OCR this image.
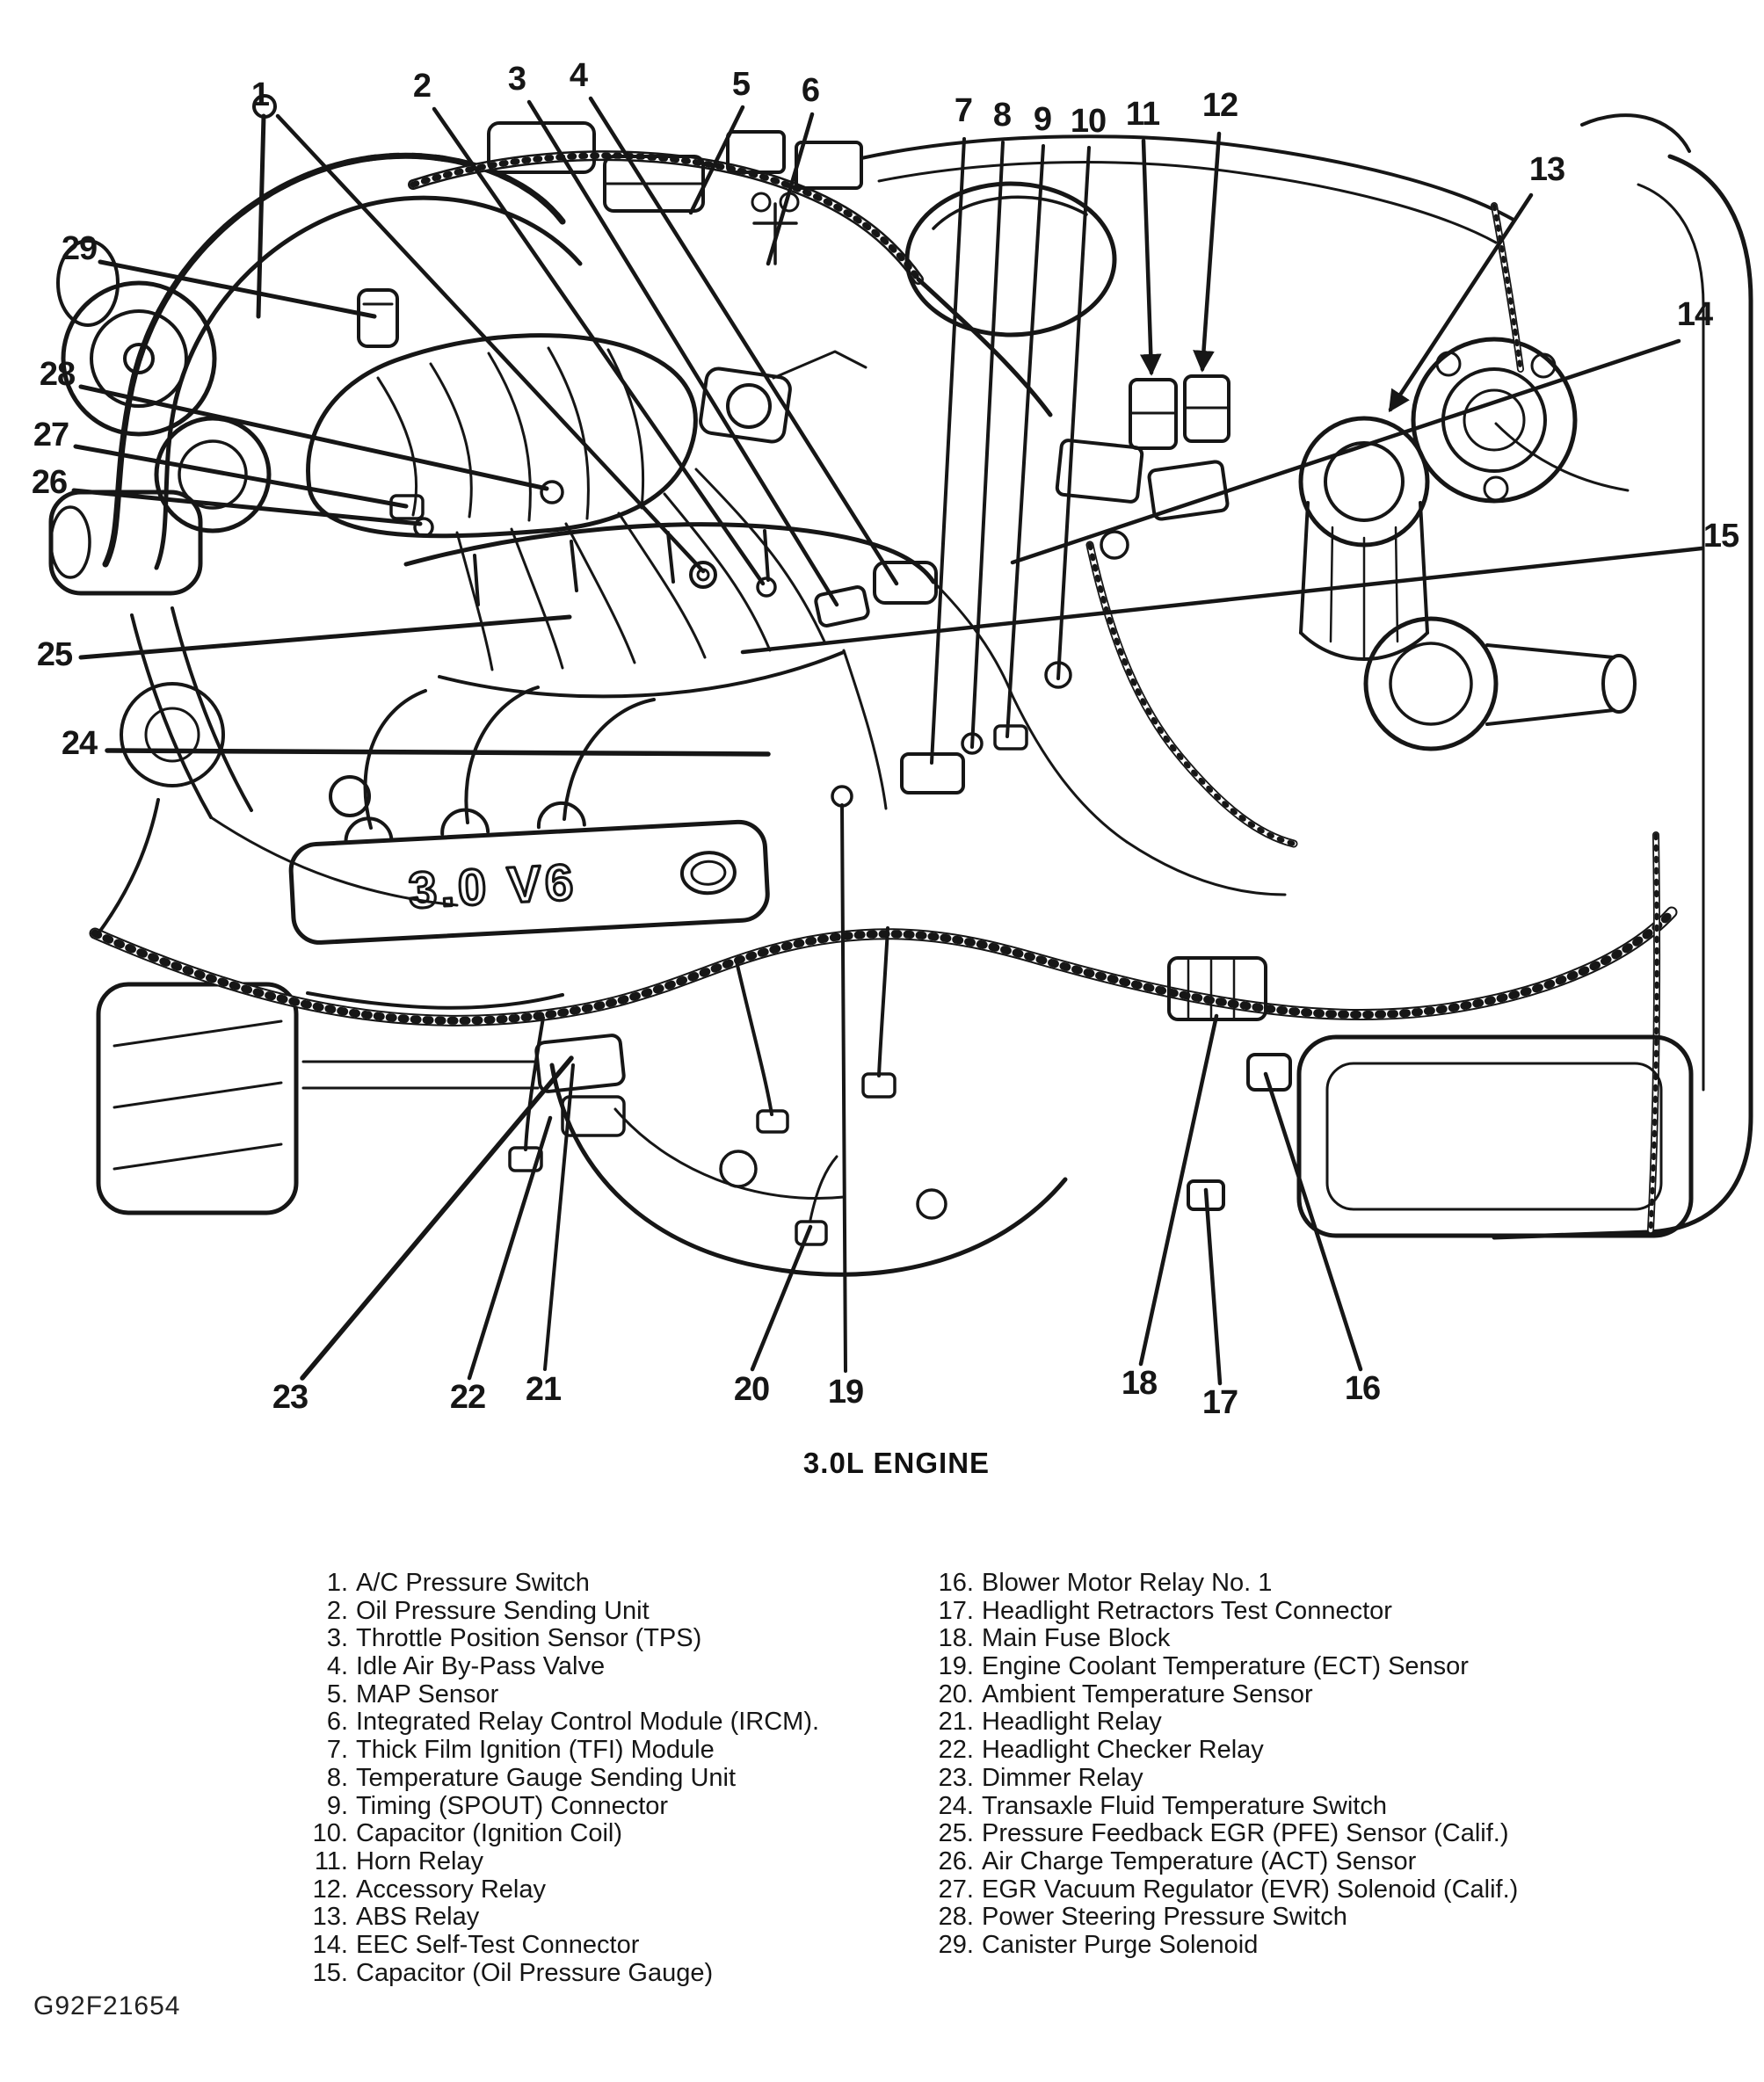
3.0 V6
1	2 3 4	5 6
7 8 9 10 11 12
13
14
15
16
17
18
19
20
21
22
23
24
25
26
27
28
29
3.0L ENGINE
1. A/C Pressure Switch
2. Oil Pressure Sending Unit
3. Throttle Position Sensor (TPS)
4. Idle Air By-Pass Valve
5. MAP Sensor
6. Integrated Relay Control Module (IRCM).
7. Thick Film Ignition (TFI) Module
8. Temperature Gauge Sending Unit
9. Timing (SPOUT) Connector
10. Capacitor (Ignition Coil)
11. Horn Relay
12. Accessory Relay
13. ABS Relay
14. EEC Self-Test Connector
15. Capacitor (Oil Pressure Gauge)
16. Blower Motor Relay No. 1
17. Headlight Retractors Test Connector
18. Main Fuse Block
19. Engine Coolant Temperature (ECT) Sensor
20. Ambient Temperature Sensor
21. Headlight Relay
22. Headlight Checker Relay
23. Dimmer Relay
24. Transaxle Fluid Temperature Switch
25. Pressure Feedback EGR (PFE) Sensor (Calif.)
26. Air Charge Temperature (ACT) Sensor
27. EGR Vacuum Regulator (EVR) Solenoid (Calif.)
28. Power Steering Pressure Switch
29. Canister Purge Solenoid
G92F21654
